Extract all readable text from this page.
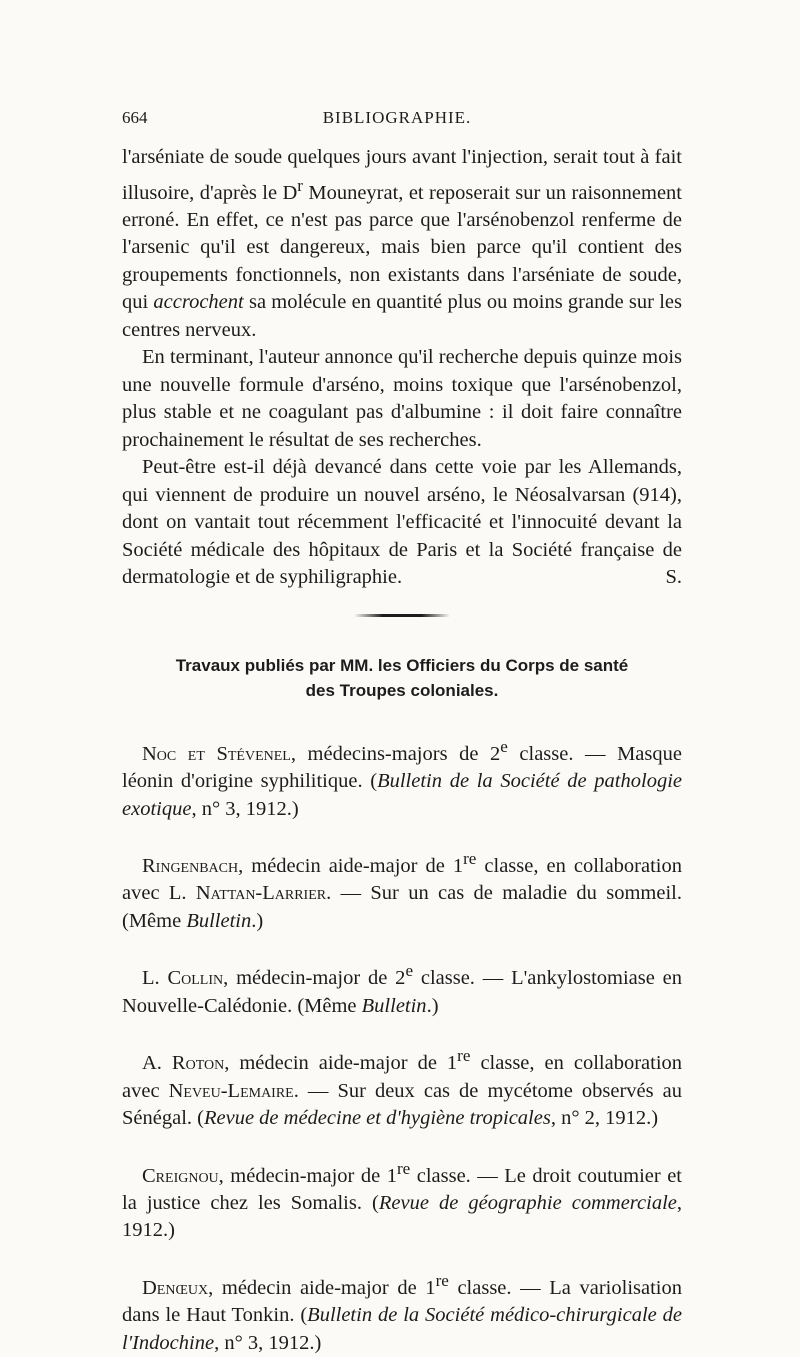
664	BIBLIOGRAPHIE.

l'arséniate de soude quelques jours avant l'injection, serait tout à fait illusoire, d'après le $D^r$ Mouneyrat, et reposerait sur un raisonnement erroné. En effet, ce n'est pas parce que l'arsénobenzol renferme de l'arsenic qu'il est dangereux, mais bien parce qu'il contient des groupements fonctionnels, non existants dans l'arséniate de soude, qui accrochent sa molécule en quantité plus ou moins grande sur les centres nerveux.

En terminant, l'auteur annonce qu'il recherche depuis quinze mois une nouvelle formule d'arséno, moins toxique que l'arsénobenzol, plus stable et ne coagulant pas d'albumine : il doit faire connaître prochainement le résultat de ses recherches.

Peut-être est-il déjà devancé dans cette voie par les Allemands, qui viennent de produire un nouvel arséno, le Néosalvarsan (914), dont on vantait tout récemment l'efficacité et l'innocuité devant la Société médicale des hôpitaux de Paris et la Société française de dermatologie et de syphiligraphie.	S.

Travaux publiés par MM. les Officiers du Corps de santé
des Troupes coloniales.
Noc et Stévenel, médecins-majors de 2e classe. — Masque léonin d'origine syphilitique. (Bulletin de la Société de pathologie exotique, n° 3, 1912.)
Ringenbach, médecin aide-major de 1re classe, en collaboration avec L. Nattan-Larrier. — Sur un cas de maladie du sommeil. (Même Bulletin.)
L. Collin, médecin-major de 2e classe. — L'ankylostomiase en Nouvelle-Calédonie. (Même Bulletin.)
A. Roton, médecin aide-major de 1re classe, en collaboration avec Neveu-Lemaire. — Sur deux cas de mycétome observés au Sénégal. (Revue de médecine et d'hygiène tropicales, n° 2, 1912.)
Creignou, médecin-major de 1re classe. — Le droit coutumier et la justice chez les Somalis. (Revue de géographie commerciale, 1912.)
Denœux, médecin aide-major de 1re classe. — La variolisation dans le Haut Tonkin. (Bulletin de la Société médico-chirurgicale de l'Indochine, n° 3, 1912.)
